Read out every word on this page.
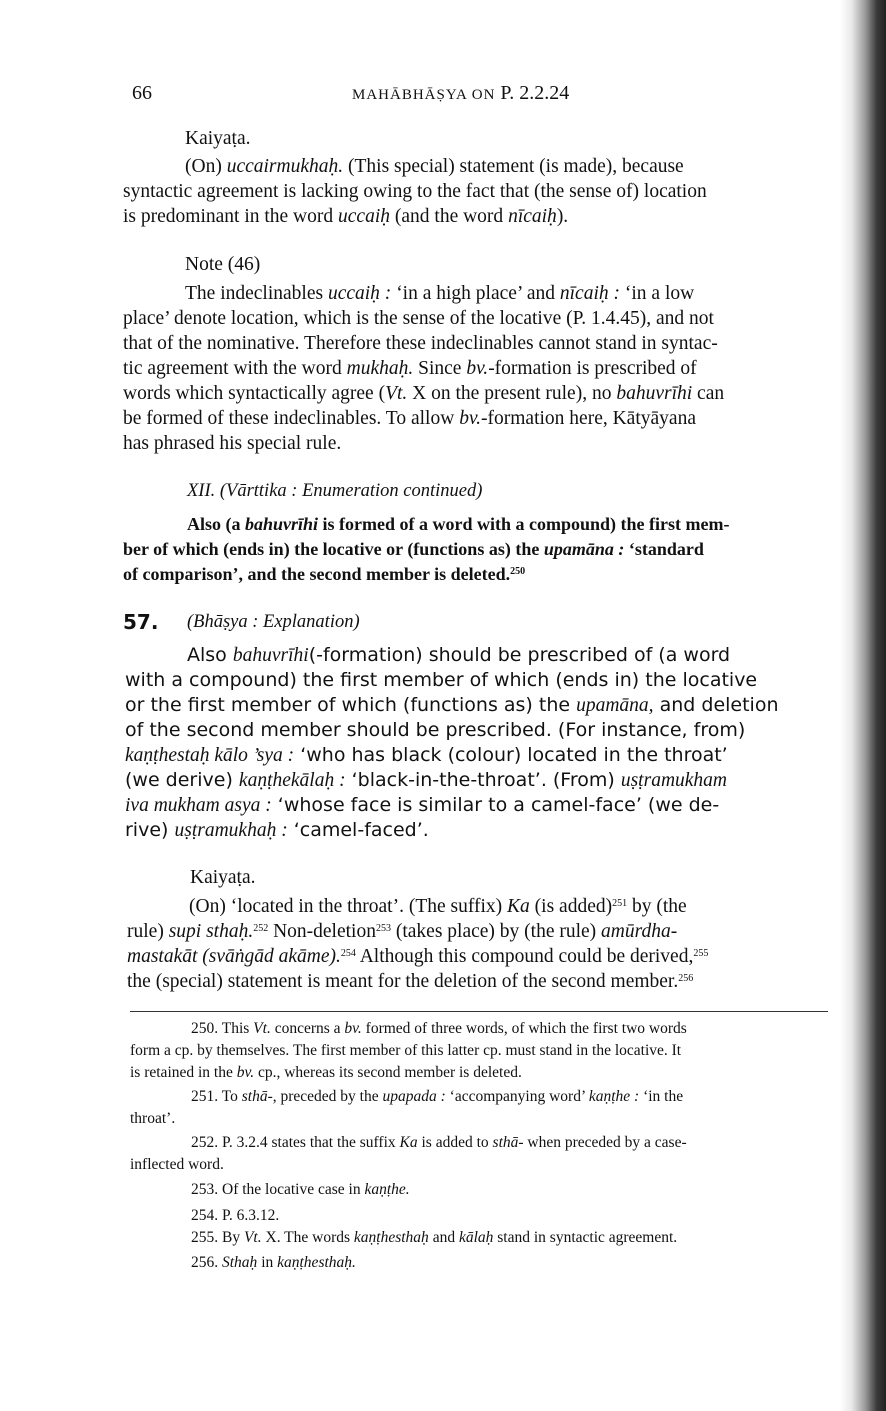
66	MAHĀBHĀṢYA ON P. 2.2.24
Kaiyaṭa.
(On) uccairmukhaḥ. (This special) statement (is made), because
syntactic agreement is lacking owing to the fact that (the sense of) location
is predominant in the word uccaiḥ (and the word nīcaiḥ).
Note (46)
The indeclinables uccaiḥ : ‘in a high place’ and nīcaiḥ : ‘in a low
place’ denote location, which is the sense of the locative (P. 1.4.45), and not
that of the nominative. Therefore these indeclinables cannot stand in syntac-
tic agreement with the word mukhaḥ. Since bv.-formation is prescribed of
words which syntactically agree (Vt. X on the present rule), no bahuvrīhi can
be formed of these indeclinables. To allow bv.-formation here, Kātyāyana
has phrased his special rule.
XII. (Vārttika : Enumeration continued)
Also (a bahuvrīhi is formed of a word with a compound) the first mem-
ber of which (ends in) the locative or (functions as) the upamāna : ‘standard
of comparison’, and the second member is deleted.$^{250}$
57. (Bhāṣya : Explanation)
Also bahuvrīhi(-formation) should be prescribed of (a word
with a compound) the first member of which (ends in) the locative
or the first member of which (functions as) the upamāna, and deletion
of the second member should be prescribed. (For instance, from)
kaṇṭhestaḥ kālo ’sya : ‘who has black (colour) located in the throat’
(we derive) kaṇṭhekālaḥ : ‘black-in-the-throat’. (From) uṣṭramukham
iva mukham asya : ‘whose face is similar to a camel-face’ (we de-
rive) uṣṭramukhaḥ : ‘camel-faced’.
Kaiyaṭa.
(On) ‘located in the throat’. (The suffix) Ka (is added)$^{251}$ by (the
rule) supi sthaḥ.$^{252}$ Non-deletion$^{253}$ (takes place) by (the rule) amūrdha-
mastakāt (svāṅgād akāme).$^{254}$ Although this compound could be derived,$^{255}$
the (special) statement is meant for the deletion of the second member.$^{256}$
250. This Vt. concerns a bv. formed of three words, of which the first two words
form a cp. by themselves. The first member of this latter cp. must stand in the locative. It
is retained in the bv. cp., whereas its second member is deleted.
251. To sthā-, preceded by the upapada : ‘accompanying word’ kaṇṭhe : ‘in the
throat’.
252. P. 3.2.4 states that the suffix Ka is added to sthā- when preceded by a case-
inflected word.
253. Of the locative case in kaṇṭhe.
254. P. 6.3.12.
255. By Vt. X. The words kaṇṭhesthaḥ and kālaḥ stand in syntactic agreement.
256. Sthaḥ in kaṇṭhesthaḥ.
